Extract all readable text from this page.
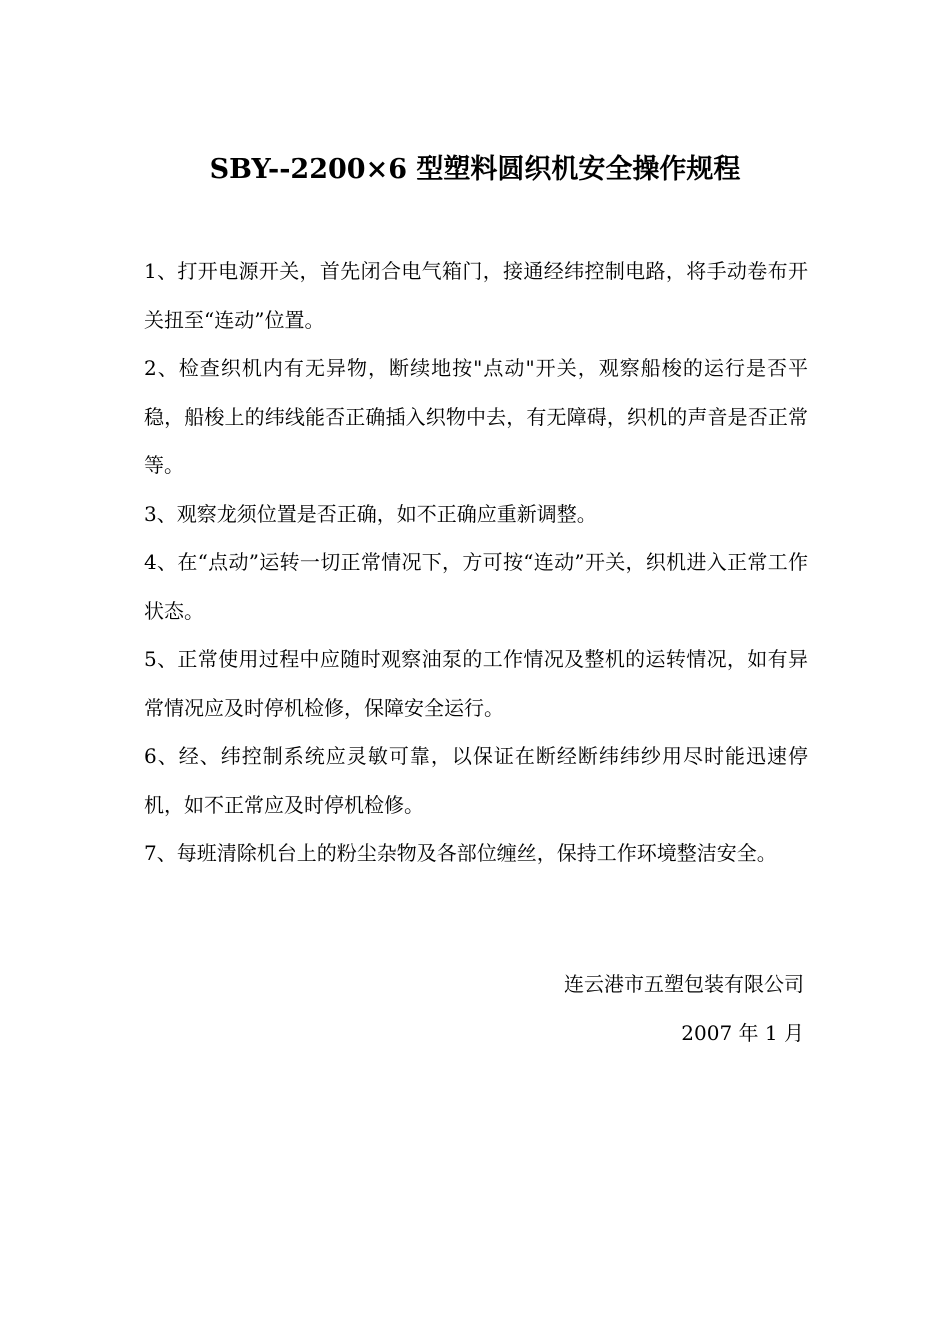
SBY--2200×6 型塑料圆织机安全操作规程

1、打开电源开关，首先闭合电气箱门，接通经纬控制电路，将手动卷布开关扭至“连动”位置。

2、检查织机内有无异物，断续地按"点动"开关，观察船梭的运行是否平稳，船梭上的纬线能否正确插入织物中去，有无障碍，织机的声音是否正常等。

3、观察龙须位置是否正确，如不正确应重新调整。

4、在“点动”运转一切正常情况下，方可按“连动”开关，织机进入正常工作状态。

5、正常使用过程中应随时观察油泵的工作情况及整机的运转情况，如有异常情况应及时停机检修，保障安全运行。

6、经、纬控制系统应灵敏可靠，以保证在断经断纬纬纱用尽时能迅速停机，如不正常应及时停机检修。

7、每班清除机台上的粉尘杂物及各部位缠丝，保持工作环境整洁安全。

连云港市五塑包装有限公司
2007 年 1 月
